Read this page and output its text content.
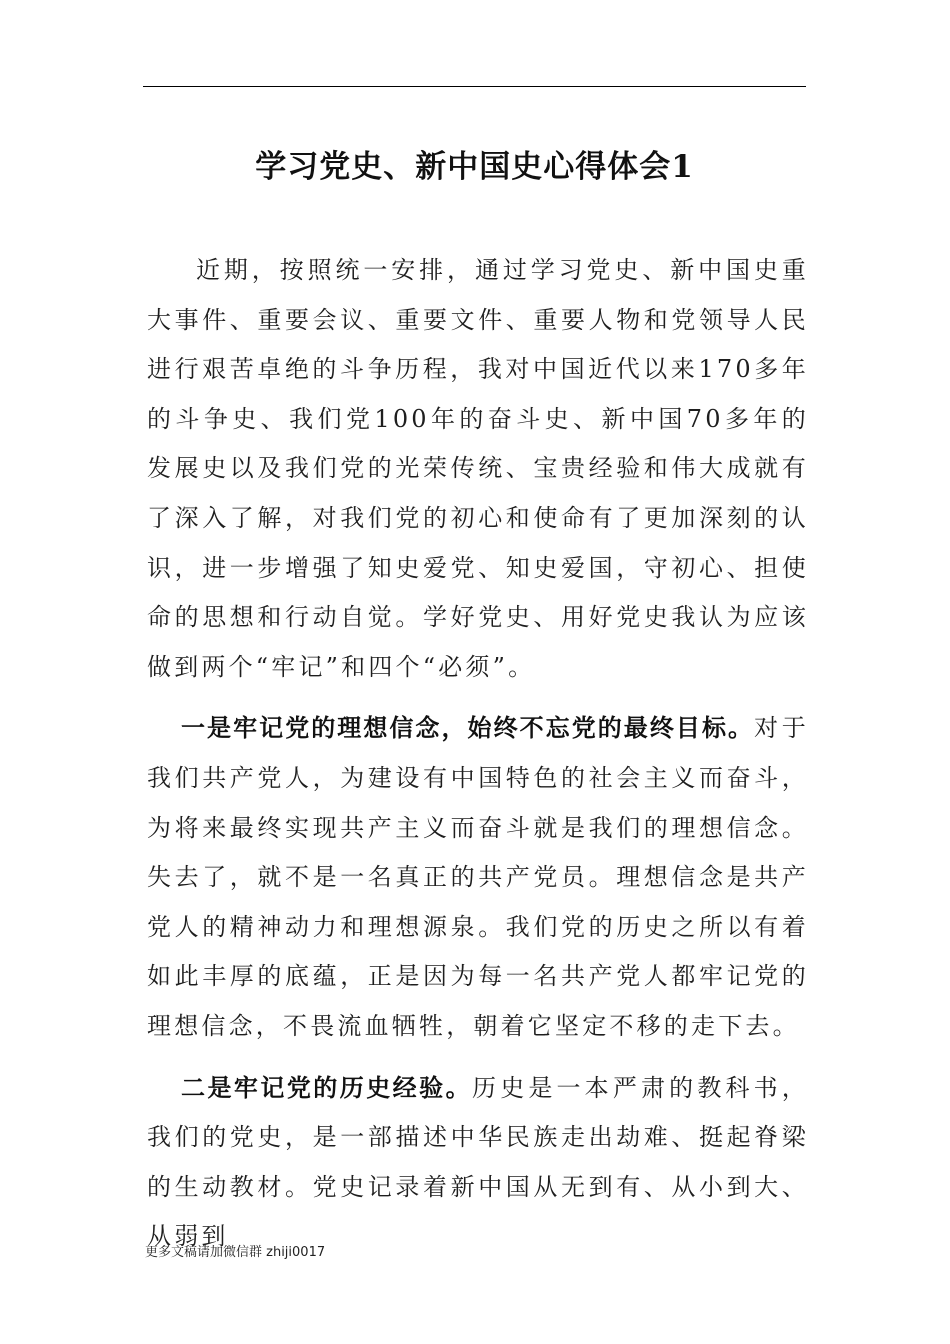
学习党史、新中国史心得体会1

近期，按照统一安排，通过学习党史、新中国史重大事件、重要会议、重要文件、重要人物和党领导人民进行艰苦卓绝的斗争历程，我对中国近代以来170多年的斗争史、我们党100年的奋斗史、新中国70多年的发展史以及我们党的光荣传统、宝贵经验和伟大成就有了深入了解，对我们党的初心和使命有了更加深刻的认识，进一步增强了知史爱党、知史爱国，守初心、担使命的思想和行动自觉。学好党史、用好党史我认为应该做到两个“牢记”和四个“必须”。

一是牢记党的理想信念，始终不忘党的最终目标。对于我们共产党人，为建设有中国特色的社会主义而奋斗，为将来最终实现共产主义而奋斗就是我们的理想信念。失去了，就不是一名真正的共产党员。理想信念是共产党人的精神动力和理想源泉。我们党的历史之所以有着如此丰厚的底蕴，正是因为每一名共产党人都牢记党的理想信念，不畏流血牺牲，朝着它坚定不移的走下去。

二是牢记党的历史经验。历史是一本严肃的教科书，我们的党史，是一部描述中华民族走出劫难、挺起脊梁的生动教材。党史记录着新中国从无到有、从小到大、从弱到

更多文稿请加微信群 zhiji0017
